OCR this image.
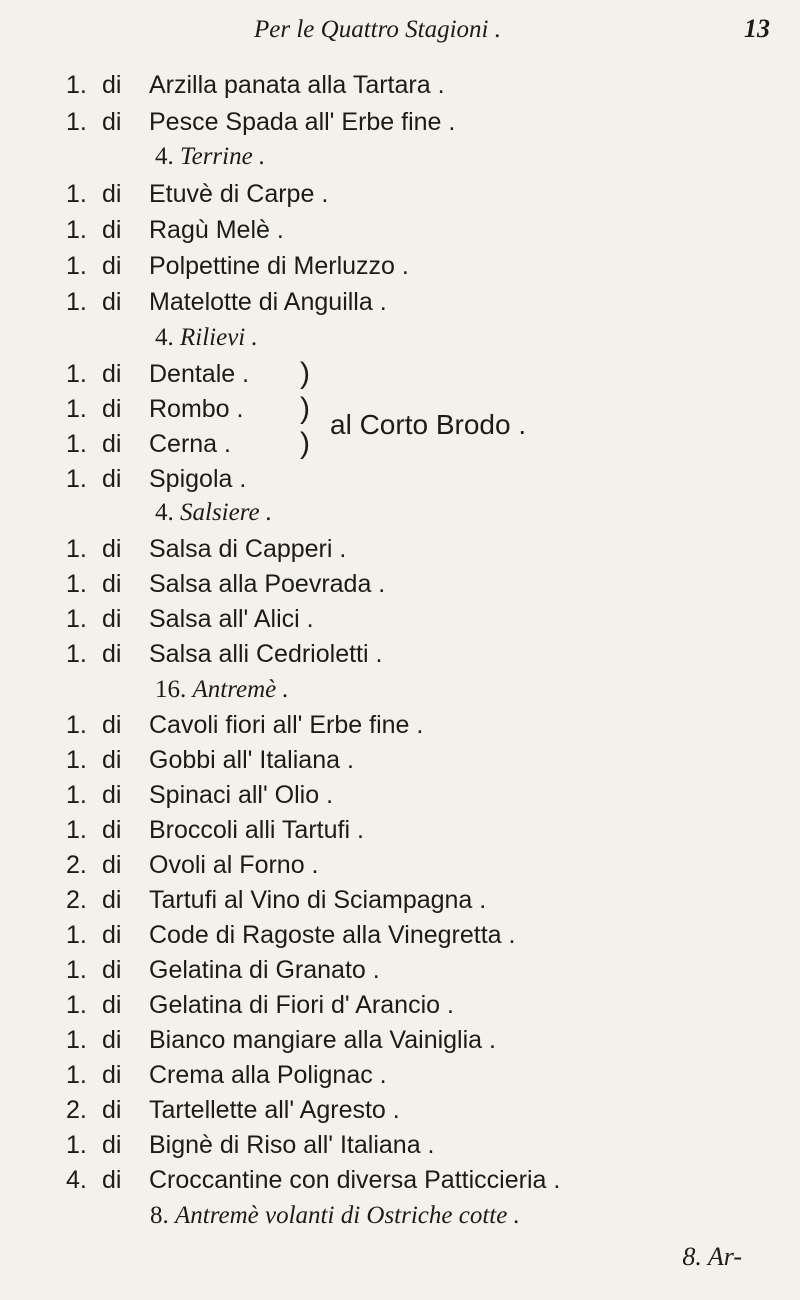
Per le Quattro Stagioni .	13
1. di	Arzilla panata alla Tartara .
1. di	Pesce Spada all' Erbe fine .
4. Terrine .
1. di	Etuvè di Carpe .
1. di	Ragù Melè .
1. di	Polpettine di Merluzzo .
1. di	Matelotte di Anguilla .
4. Rilievi .
1. di	Dentale .
1. di	Rombo .
1. di	Cerna .
1. di	Spigola .
)
)
)
al Corto Brodo .
4. Salsiere .
1. di	Salsa di Capperi .
1. di	Salsa alla Poevrada .
1. di	Salsa all' Alici .
1. di	Salsa alli Cedrioletti .
16. Antremè .
1. di	Cavoli fiori all' Erbe fine .
1. di	Gobbi all' Italiana .
1. di	Spinaci all' Olio .
1. di	Broccoli alli Tartufi .
2. di	Ovoli al Forno .
2. di	Tartufi al Vino di Sciampagna .
1. di	Code di Ragoste alla Vinegretta .
1. di	Gelatina di Granato .
1. di	Gelatina di Fiori d' Arancio .
1. di	Bianco mangiare alla Vainiglia .
1. di	Crema alla Polignac .
2. di	Tartellette all' Agresto .
1. di	Bignè di Riso all' Italiana .
4. di	Croccantine con diversa Patticcieria .
8. Antremè volanti di Ostriche cotte .
8. Ar-
